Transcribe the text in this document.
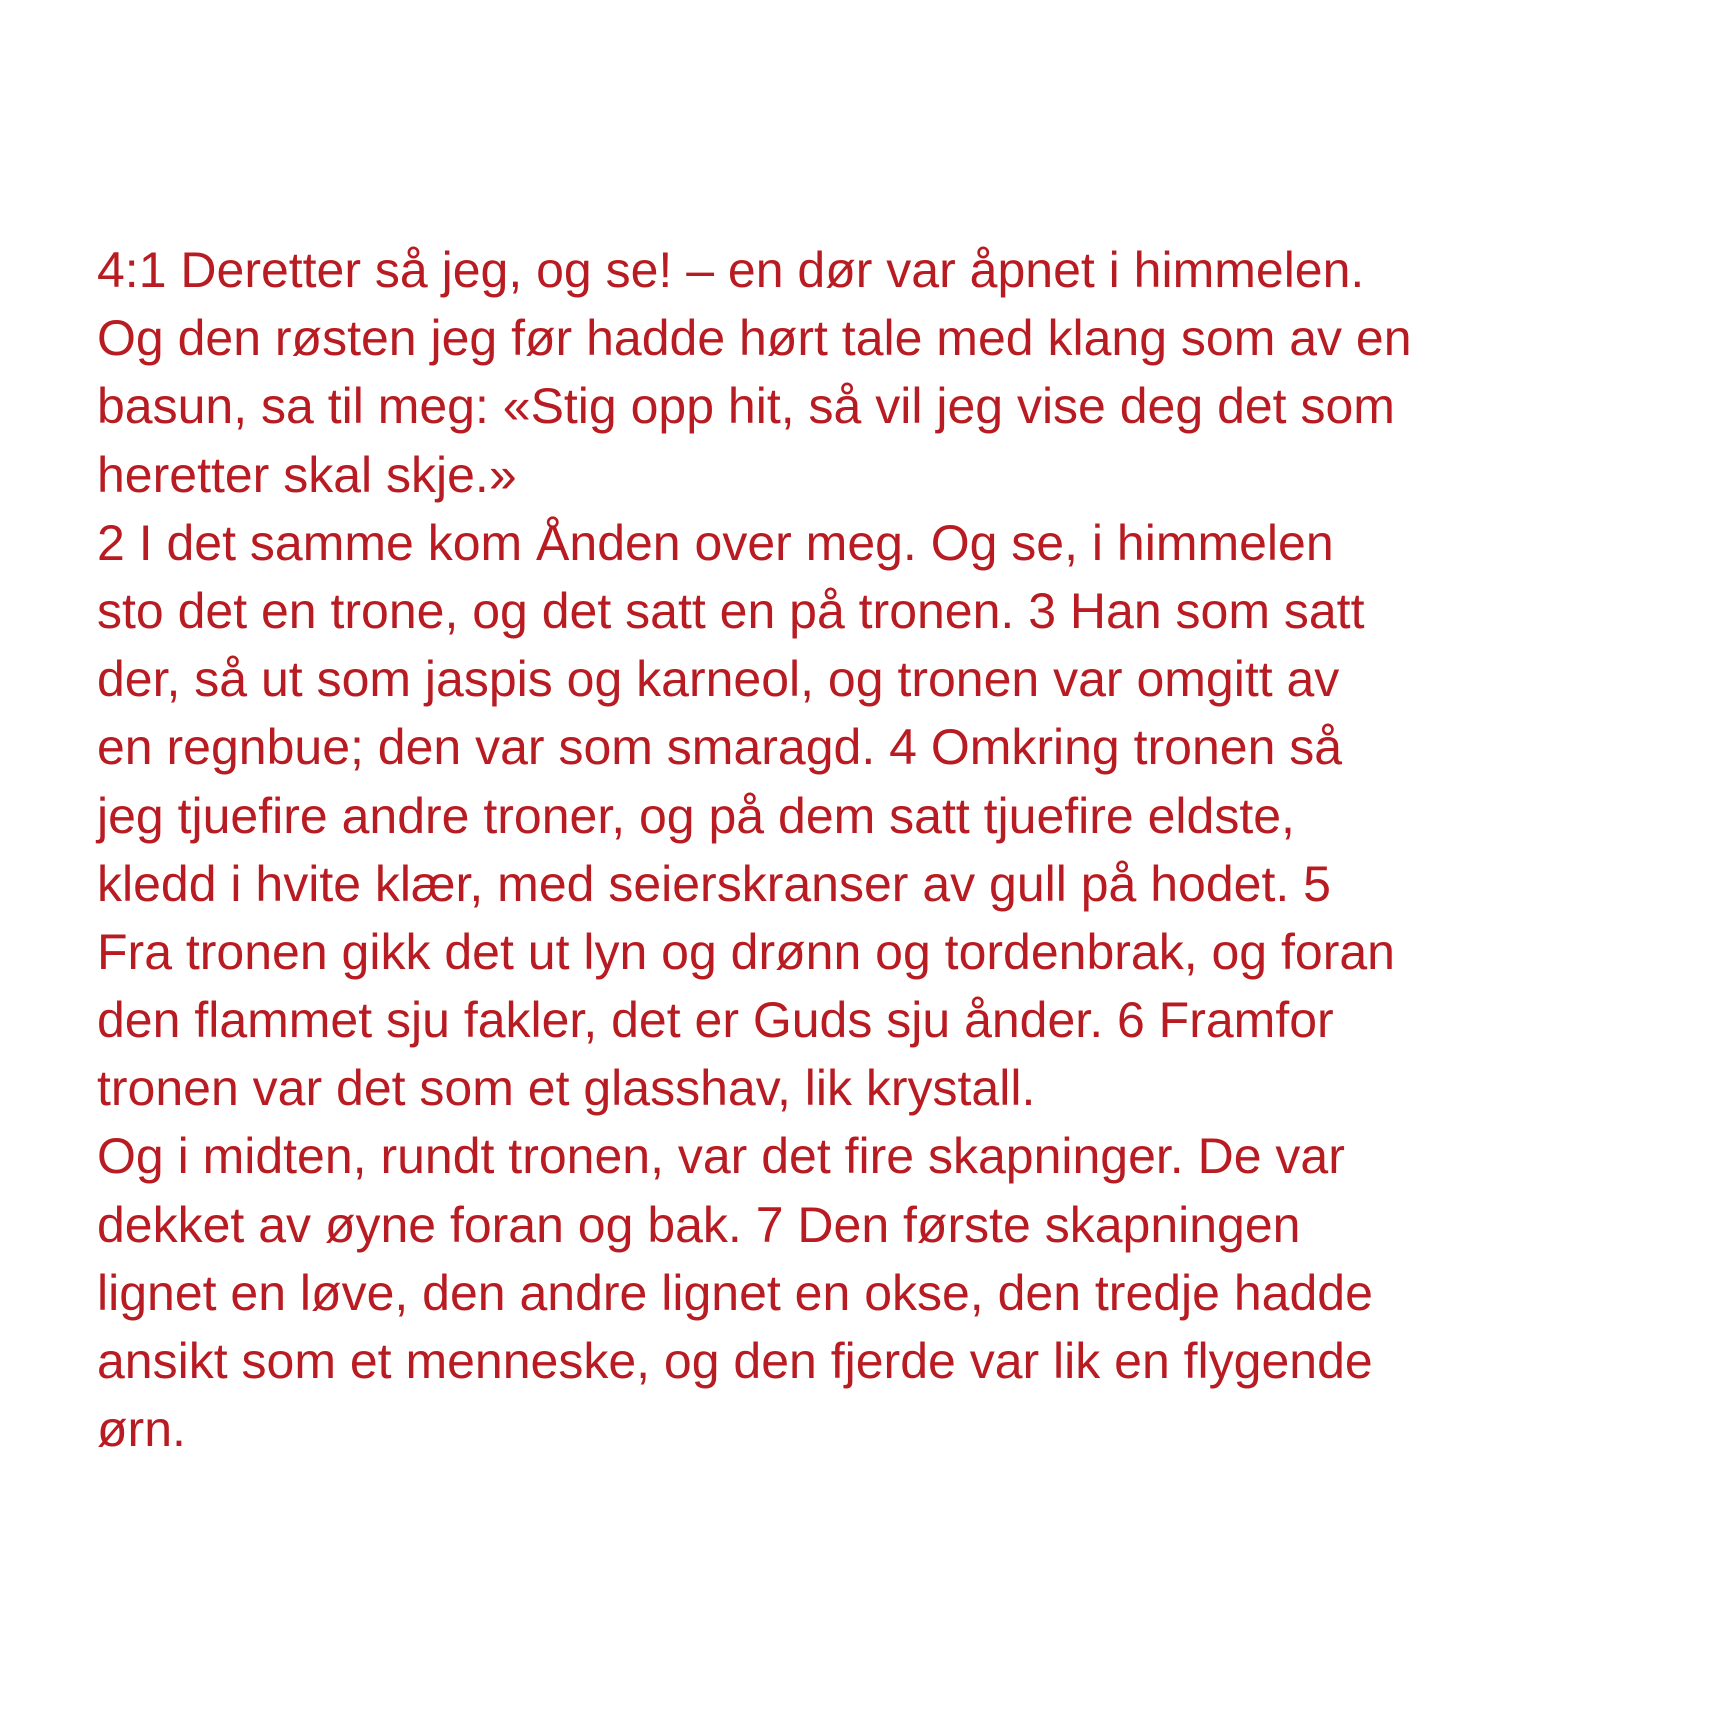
4:1 Deretter så jeg, og se! – en dør var åpnet i himmelen.
Og den røsten jeg før hadde hørt tale med klang som av en
basun, sa til meg: «Stig opp hit, så vil jeg vise deg det som
heretter skal skje.»
2 I det samme kom Ånden over meg. Og se, i himmelen
sto det en trone, og det satt en på tronen. 3 Han som satt
der, så ut som jaspis og karneol, og tronen var omgitt av
en regnbue; den var som smaragd. 4 Omkring tronen så
jeg tjuefire andre troner, og på dem satt tjuefire eldste,
kledd i hvite klær, med seierskranser av gull på hodet. 5
Fra tronen gikk det ut lyn og drønn og tordenbrak, og foran
den flammet sju fakler, det er Guds sju ånder. 6 Framfor
tronen var det som et glasshav, lik krystall.
Og i midten, rundt tronen, var det fire skapninger. De var
dekket av øyne foran og bak. 7 Den første skapningen
lignet en løve, den andre lignet en okse, den tredje hadde
ansikt som et menneske, og den fjerde var lik en flygende
ørn.
